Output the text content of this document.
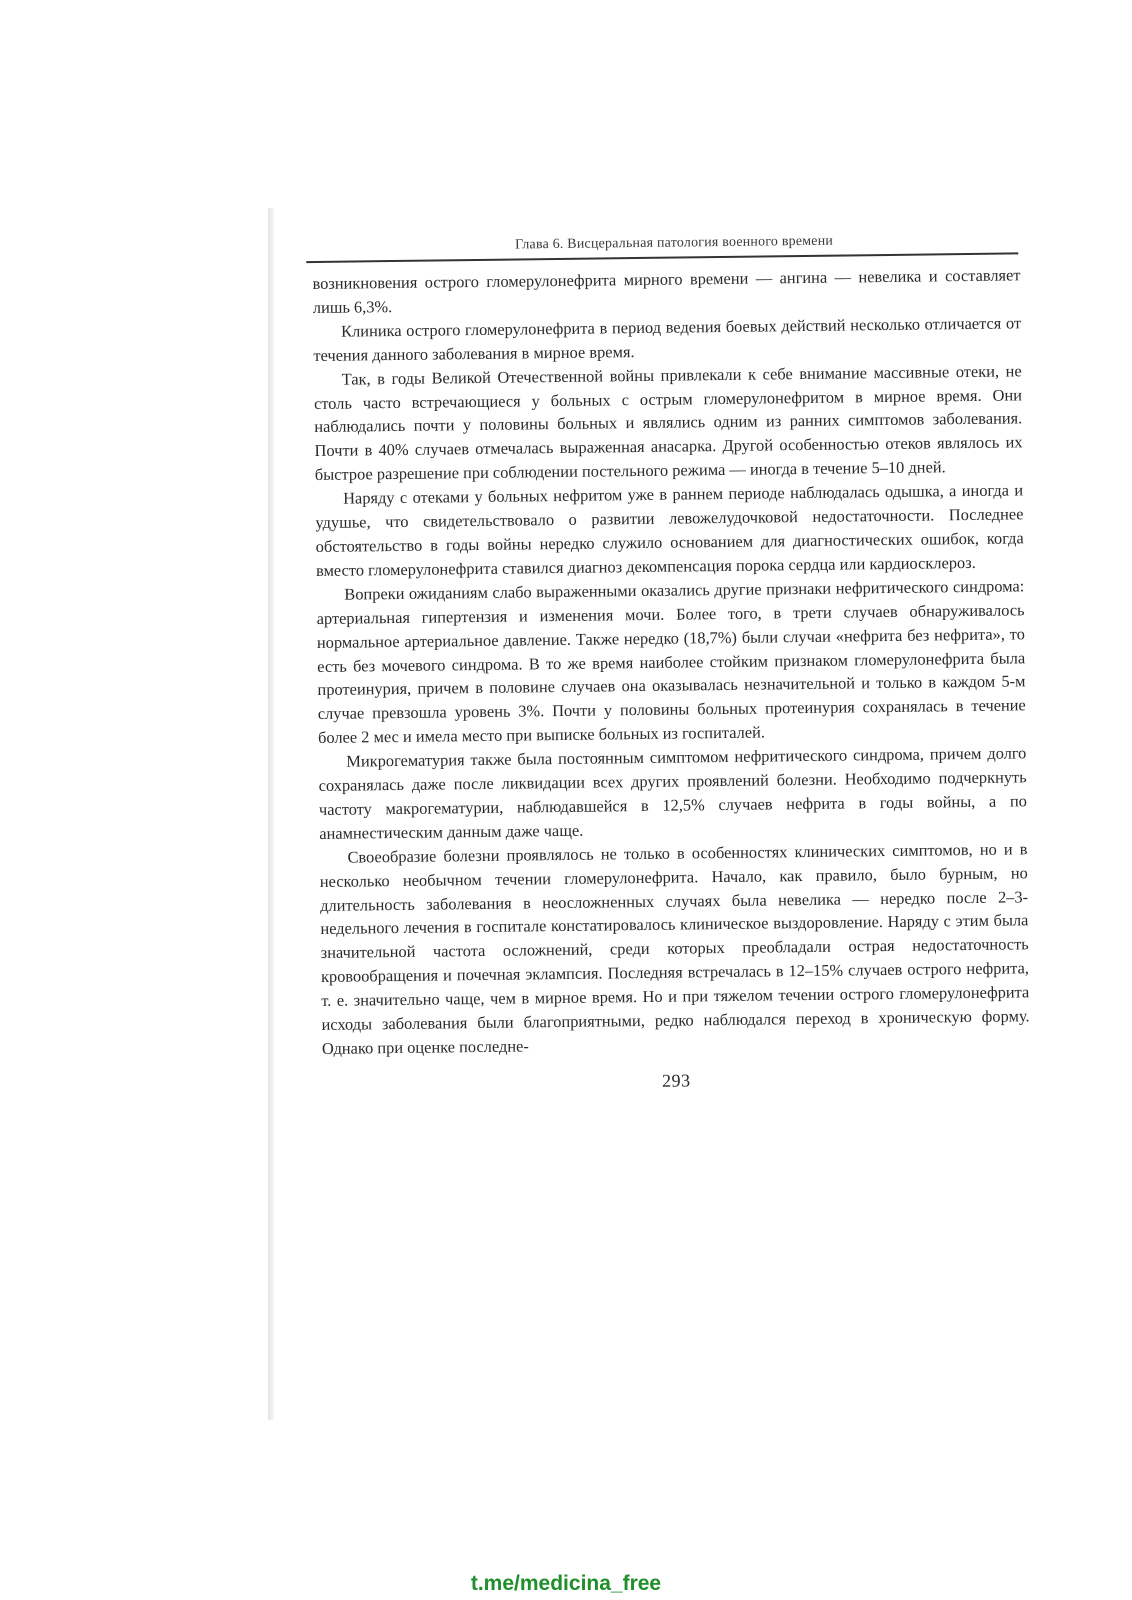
Глава 6. Висцеральная патология военного времени

возникновения острого гломерулонефрита мирного времени — ангина — невелика и составляет лишь 6,3%.

Клиника острого гломерулонефрита в период ведения боевых действий несколько отличается от течения данного заболевания в мирное время.

Так, в годы Великой Отечественной войны привлекали к себе внимание массивные отеки, не столь часто встречающиеся у больных с острым гломерулонефритом в мирное время. Они наблюдались почти у половины больных и являлись одним из ранних симптомов заболевания. Почти в 40% случаев отмечалась выраженная анасарка. Другой особенностью отеков являлось их быстрое разрешение при соблюдении постельного режима — иногда в течение 5–10 дней.

Наряду с отеками у больных нефритом уже в раннем периоде наблюдалась одышка, а иногда и удушье, что свидетельствовало о развитии левожелудочковой недостаточности. Последнее обстоятельство в годы войны нередко служило основанием для диагностических ошибок, когда вместо гломерулонефрита ставился диагноз декомпенсация порока сердца или кардиосклероз.

Вопреки ожиданиям слабо выраженными оказались другие признаки нефритического синдрома: артериальная гипертензия и изменения мочи. Более того, в трети случаев обнаруживалось нормальное артериальное давление. Также нередко (18,7%) были случаи «нефрита без нефрита», то есть без мочевого синдрома. В то же время наиболее стойким признаком гломерулонефрита была протеинурия, причем в половине случаев она оказывалась незначительной и только в каждом 5-м случае превзошла уровень 3%. Почти у половины больных протеинурия сохранялась в течение более 2 мес и имела место при выписке больных из госпиталей.

Микрогематурия также была постоянным симптомом нефритического синдрома, причем долго сохранялась даже после ликвидации всех других проявлений болезни. Необходимо подчеркнуть частоту макрогематурии, наблюдавшейся в 12,5% случаев нефрита в годы войны, а по анамнестическим данным даже чаще.

Своеобразие болезни проявлялось не только в особенностях клинических симптомов, но и в несколько необычном течении гломерулонефрита. Начало, как правило, было бурным, но длительность заболевания в неосложненных случаях была невелика — нередко после 2–3-недельного лечения в госпитале констатировалось клиническое выздоровление. Наряду с этим была значительной частота осложнений, среди которых преобладали острая недостаточность кровообращения и почечная эклампсия. Последняя встречалась в 12–15% случаев острого нефрита, т. е. значительно чаще, чем в мирное время. Но и при тяжелом течении острого гломерулонефрита исходы заболевания были благоприятными, редко наблюдался переход в хроническую форму. Однако при оценке последне-

293
t.me/medicina_free
